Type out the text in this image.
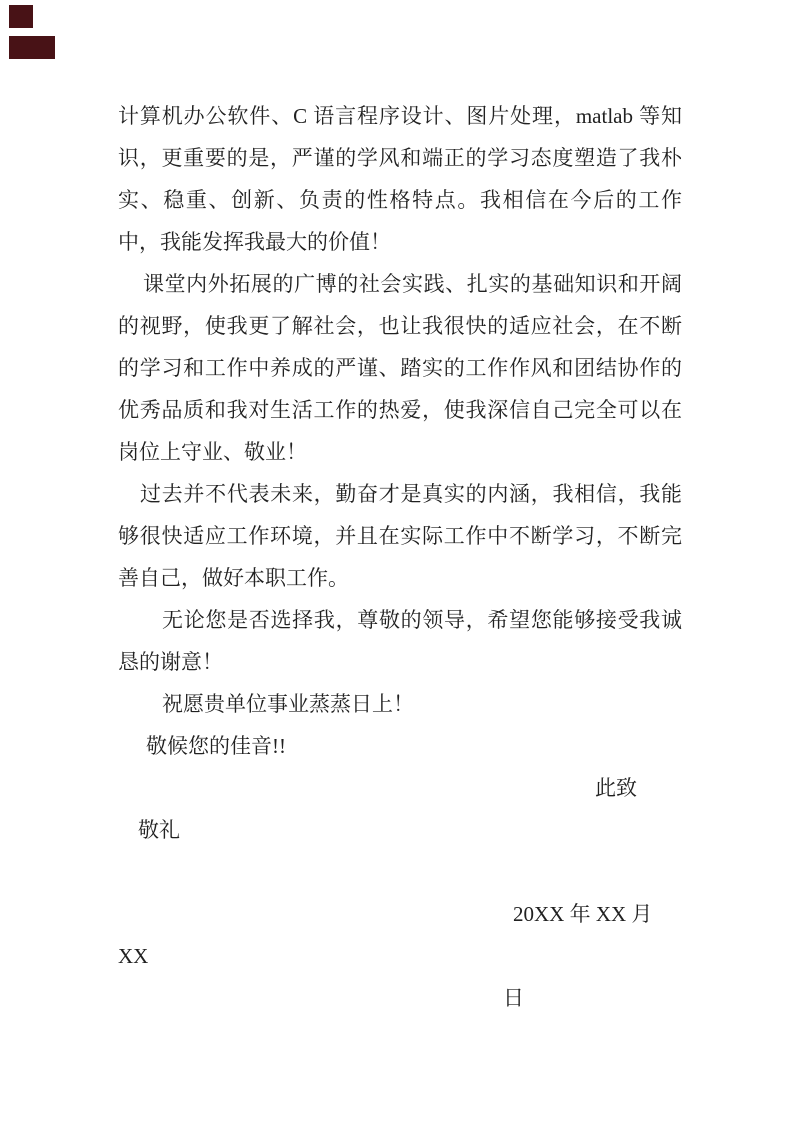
计算机办公软件、C 语言程序设计、图片处理，matlab 等知识，更重要的是，严谨的学风和端正的学习态度塑造了我朴实、稳重、创新、负责的性格特点。我相信在今后的工作中，我能发挥我最大的价值！

课堂内外拓展的广博的社会实践、扎实的基础知识和开阔的视野，使我更了解社会，也让我很快的适应社会，在不断的学习和工作中养成的严谨、踏实的工作作风和团结协作的优秀品质和我对生活工作的热爱，使我深信自己完全可以在岗位上守业、敬业！

过去并不代表未来，勤奋才是真实的内涵，我相信，我能够很快适应工作环境，并且在实际工作中不断学习，不断完善自己，做好本职工作。

无论您是否选择我，尊敬的领导，希望您能够接受我诚恳的谢意！

祝愿贵单位事业蒸蒸日上！

敬候您的佳音!!

此致

敬礼

20XX 年 XX 月 XX

日
